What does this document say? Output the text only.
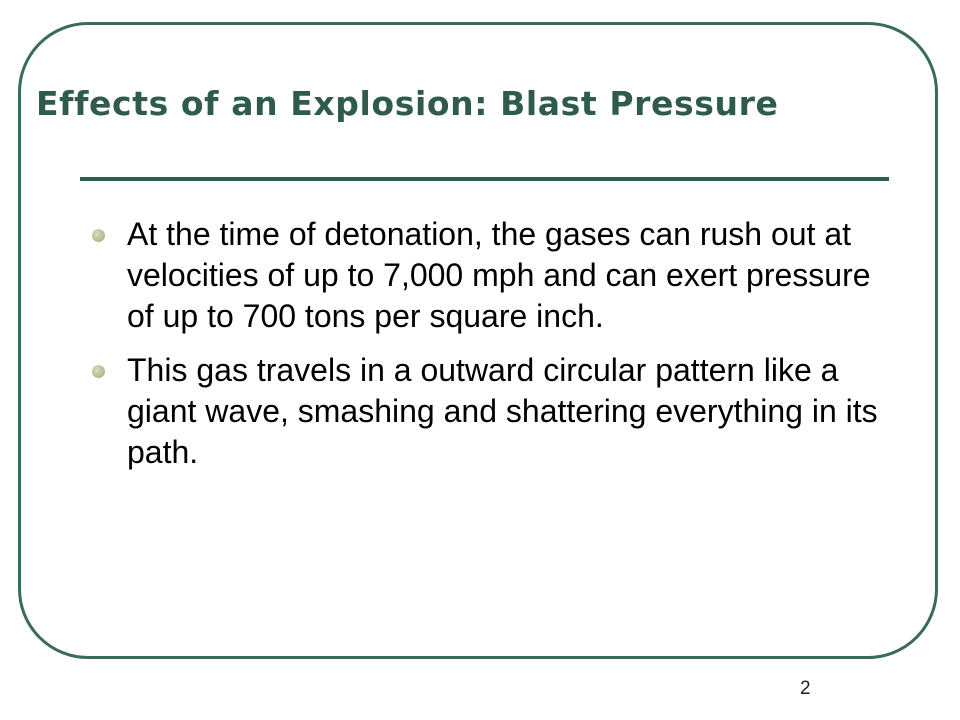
Effects of an Explosion: Blast Pressure
At the time of detonation, the gases can rush out at velocities of up to 7,000 mph and can exert pressure of up to 700 tons per square inch.
This gas travels in a outward circular pattern like a giant wave, smashing and shattering everything in its path.
2
